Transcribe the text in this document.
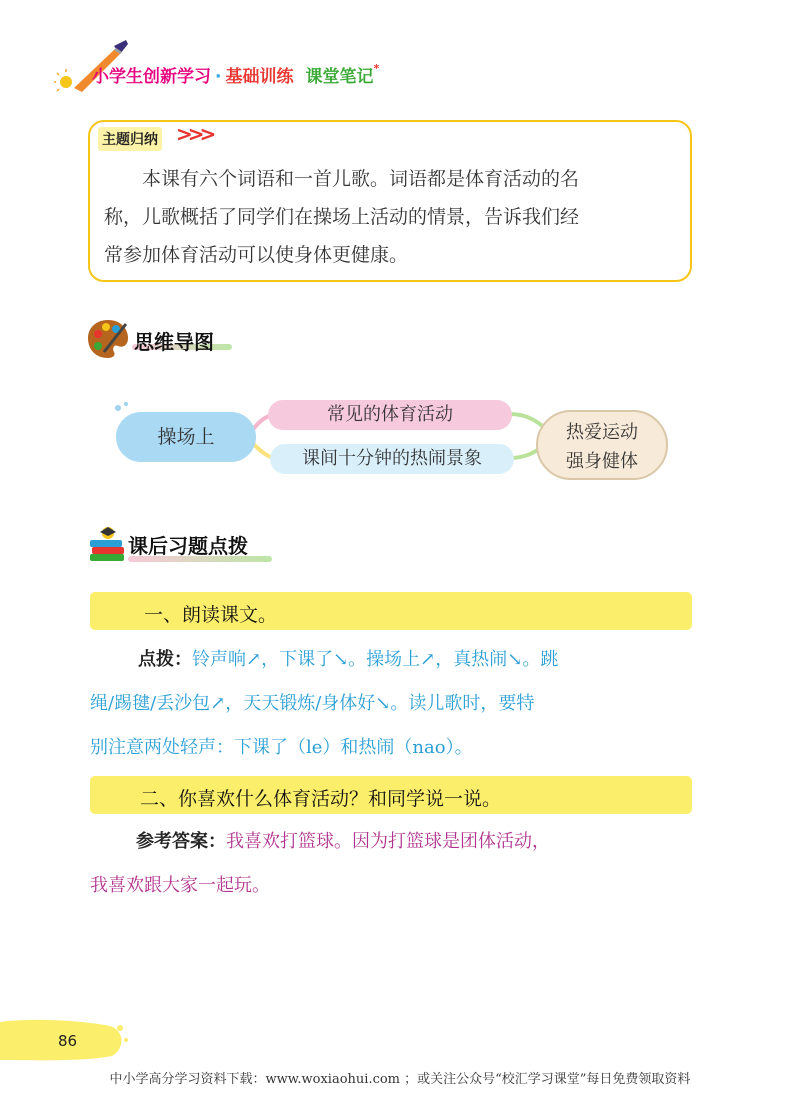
小学生创新学习 · 基础训练 课堂笔记*
主题归纳 >>>
　　本课有六个词语和一首儿歌。词语都是体育活动的名
称，儿歌概括了同学们在操场上活动的情景，告诉我们经
常参加体育活动可以使身体更健康。
思维导图
操场上
常见的体育活动
课间十分钟的热闹景象
热爱运动
强身健体
课后习题点拨
一、朗读课文。
点拨：铃声响↗，下课了↘。操场上↗，真热闹↘。跳
绳/踢毽/丢沙包↗，天天锻炼/身体好↘。读儿歌时，要特
别注意两处轻声：下课了（le）和热闹（nao）。
二、你喜欢什么体育活动？和同学说一说。
参考答案：我喜欢打篮球。因为打篮球是团体活动，
我喜欢跟大家一起玩。
86
中小学高分学习资料下载：www.woxiaohui.com ；或关注公众号“校汇学习课堂”每日免费领取资料
